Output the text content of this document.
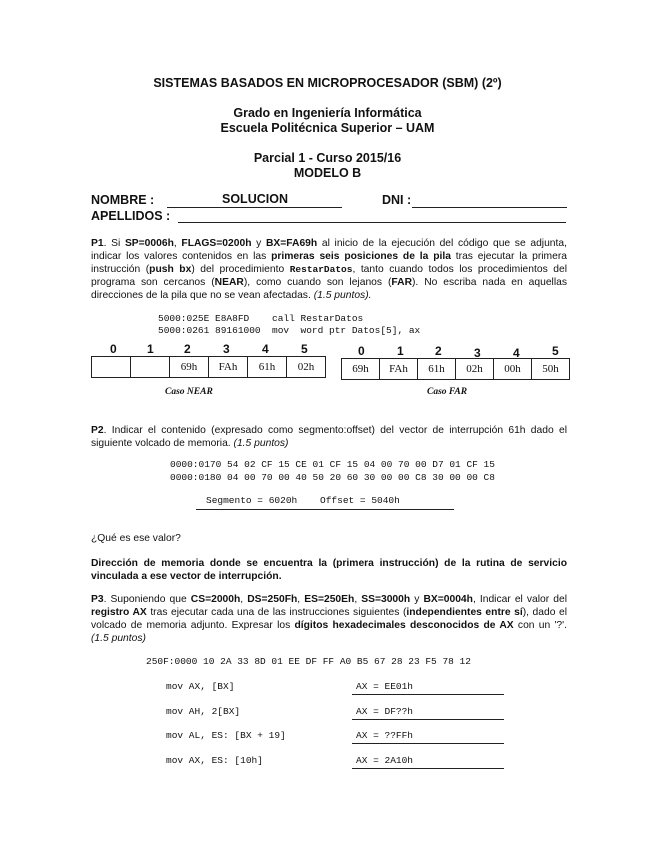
SISTEMAS BASADOS EN MICROPROCESADOR (SBM) (2º)
Grado en Ingeniería Informática
Escuela Politécnica Superior – UAM
Parcial 1 - Curso 2015/16
MODELO B
NOMBRE :	SOLUCION	DNI :
APELLIDOS :
P1. Si SP=0006h, FLAGS=0200h y BX=FA69h al inicio de la ejecución del código que se adjunta, indicar los valores contenidos en las primeras seis posiciones de la pila tras ejecutar la primera instrucción (push bx) del procedimiento RestarDatos, tanto cuando todos los procedimientos del programa son cercanos (NEAR), como cuando son lejanos (FAR). No escriba nada en aquellas direcciones de la pila que no se vean afectadas. (1.5 puntos).
5000:025E E8A8FD    call RestarDatos
5000:0261 89161000  mov  word ptr Datos[5], ax
0	1	2	3	4	5
		69h	FAh	61h	02h
Caso NEAR
0	1	2	3	4	5
69h	FAh	61h	02h	00h	50h
Caso FAR
P2. Indicar el contenido (expresado como segmento:offset) del vector de interrupción 61h dado el siguiente volcado de memoria. (1.5 puntos)
0000:0170 54 02 CF 15 CE 01 CF 15 04 00 70 00 D7 01 CF 15
0000:0180 04 00 70 00 40 50 20 60 30 00 00 C8 30 00 00 C8
Segmento = 6020h    Offset = 5040h
¿Qué es ese valor?
Dirección de memoria donde se encuentra la (primera instrucción) de la rutina de servicio vinculada a ese vector de interrupción.
P3. Suponiendo que CS=2000h, DS=250Fh, ES=250Eh, SS=3000h y BX=0004h, Indicar el valor del registro AX tras ejecutar cada una de las instrucciones siguientes (independientes entre sí), dado el volcado de memoria adjunto. Expresar los dígitos hexadecimales desconocidos de AX con un '?'. (1.5 puntos)
250F:0000 10 2A 33 8D 01 EE DF FF A0 B5 67 28 23 F5 78 12
mov AX, [BX]	AX = EE01h
mov AH, 2[BX]	AX = DF??h
mov AL, ES: [BX + 19]	AX = ??FFh
mov AX, ES: [10h]	AX = 2A10h
